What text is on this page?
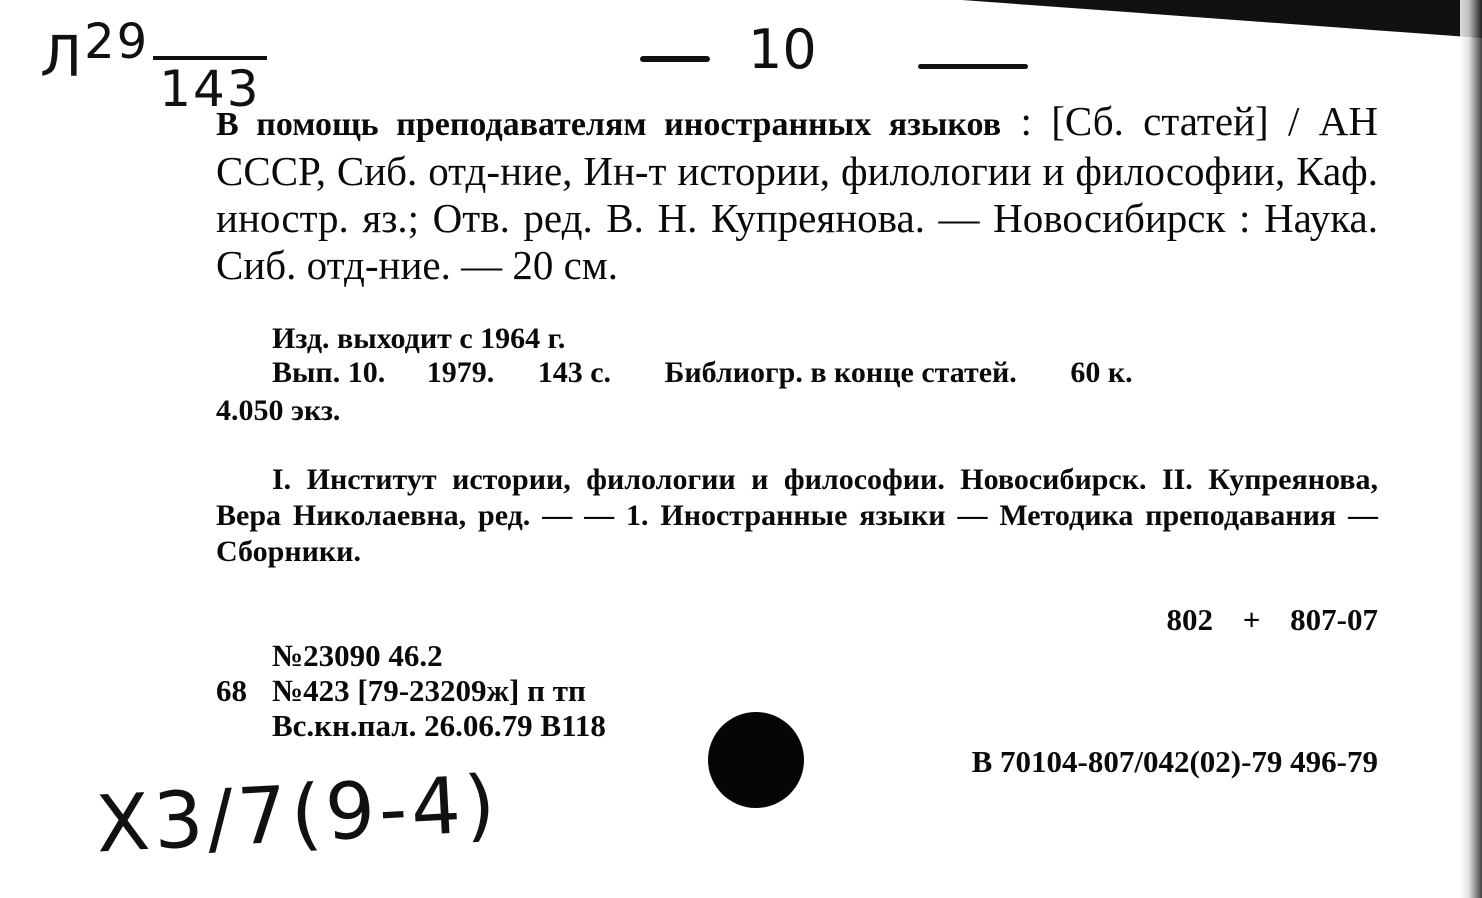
Л29143
10
В помощь преподавателям иностранных языков : [Сб. статей] / АН СССР, Сиб. отд-ние, Ин-т истории, филологии и философии, Каф. иностр. яз.; Отв. ред. В. Н. Купреянова. — Новосибирск : Наука. Сиб. отд-ние. — 20 см.
Изд. выходит с 1964 г.
Вып. 10. 1979. 143 с. Библиогр. в конце статей. 60 к.
4.050 экз.
I. Институт истории, филологии и философии. Новосибирск. II. Купреянова, Вера Николаевна, ред. — — 1. Иностранные языки — Методика преподавания — Сборники.
802 + 807-07
№23090 46.2
68 №423 [79-23209ж] п тп
Вс.кн.пал. 26.06.79 В118
В 70104-807/042(02)-79 496-79
Х3/7(9-4)
